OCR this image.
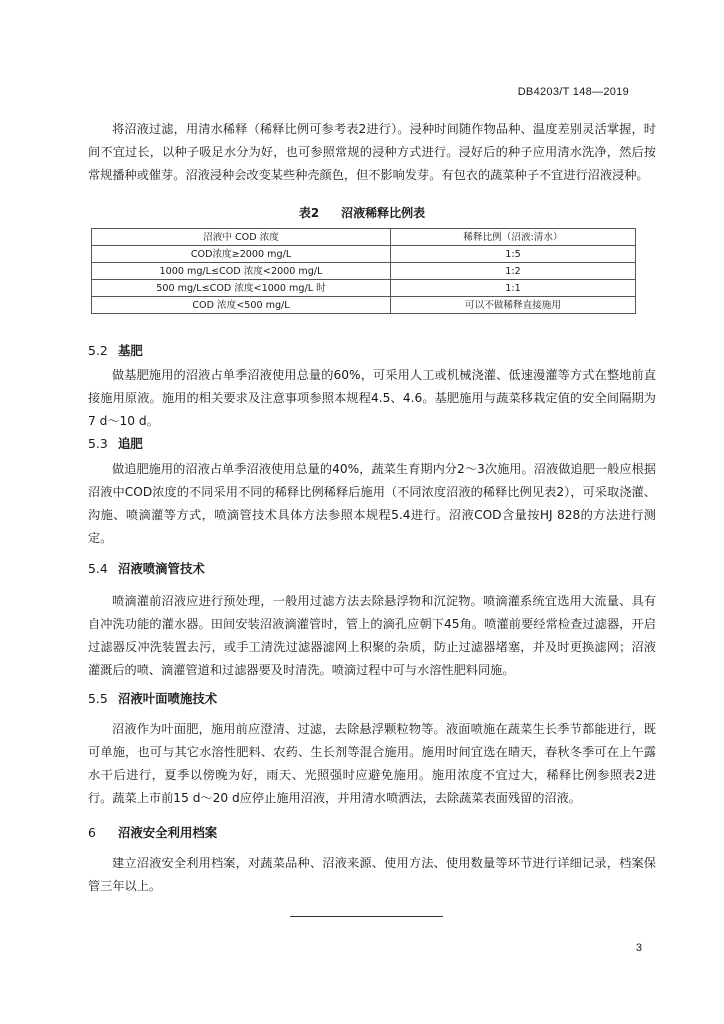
DB4203/T 148—2019

将沼液过滤，用清水稀释（稀释比例可参考表2进行）。浸种时间随作物品种、温度差别灵活掌握，时间不宜过长，以种子吸足水分为好，也可参照常规的浸种方式进行。浸好后的种子应用清水洗净，然后按常规播种或催芽。沼液浸种会改变某些种壳颜色，但不影响发芽。有包衣的蔬菜种子不宜进行沼液浸种。

表2 沼液稀释比例表
沼液中 COD 浓度	稀释比例（沼液:清水）
COD浓度≥2000 mg/L	1:5
1000 mg/L≤COD 浓度<2000 mg/L	1:2
500 mg/L≤COD 浓度<1000 mg/L 时	1:1
COD 浓度<500 mg/L	可以不做稀释直接施用
5.2 基肥

做基肥施用的沼液占单季沼液使用总量的60%，可采用人工或机械浇灌、低速漫灌等方式在整地前直接施用原液。施用的相关要求及注意事项参照本规程4.5、4.6。基肥施用与蔬菜移栽定值的安全间隔期为7 d～10 d。

5.3 追肥

做追肥施用的沼液占单季沼液使用总量的40%，蔬菜生育期内分2～3次施用。沼液做追肥一般应根据沼液中COD浓度的不同采用不同的稀释比例稀释后施用（不同浓度沼液的稀释比例见表2），可采取浇灌、沟施、喷滴灌等方式，喷滴管技术具体方法参照本规程5.4进行。沼液COD含量按HJ 828的方法进行测定。

5.4 沼液喷滴管技术

喷滴灌前沼液应进行预处理，一般用过滤方法去除悬浮物和沉淀物。喷滴灌系统宜选用大流量、具有自冲洗功能的灌水器。田间安装沼液滴灌管时，管上的滴孔应朝下45角。喷灌前要经常检查过滤器，开启过滤器反冲洗装置去污，或手工清洗过滤器滤网上积聚的杂质，防止过滤器堵塞，并及时更换滤网；沼液灌溉后的喷、滴灌管道和过滤器要及时清洗。喷滴过程中可与水溶性肥料同施。

5.5 沼液叶面喷施技术

沼液作为叶面肥，施用前应澄清、过滤，去除悬浮颗粒物等。液面喷施在蔬菜生长季节都能进行，既可单施，也可与其它水溶性肥料、农药、生长剂等混合施用。施用时间宜选在晴天，春秋冬季可在上午露水干后进行，夏季以傍晚为好，雨天、光照强时应避免施用。施用浓度不宜过大，稀释比例参照表2进行。蔬菜上市前15 d～20 d应停止施用沼液，并用清水喷洒法，去除蔬菜表面残留的沼液。

6 沼液安全利用档案

建立沼液安全利用档案，对蔬菜品种、沼液来源、使用方法、使用数量等环节进行详细记录，档案保管三年以上。

3
